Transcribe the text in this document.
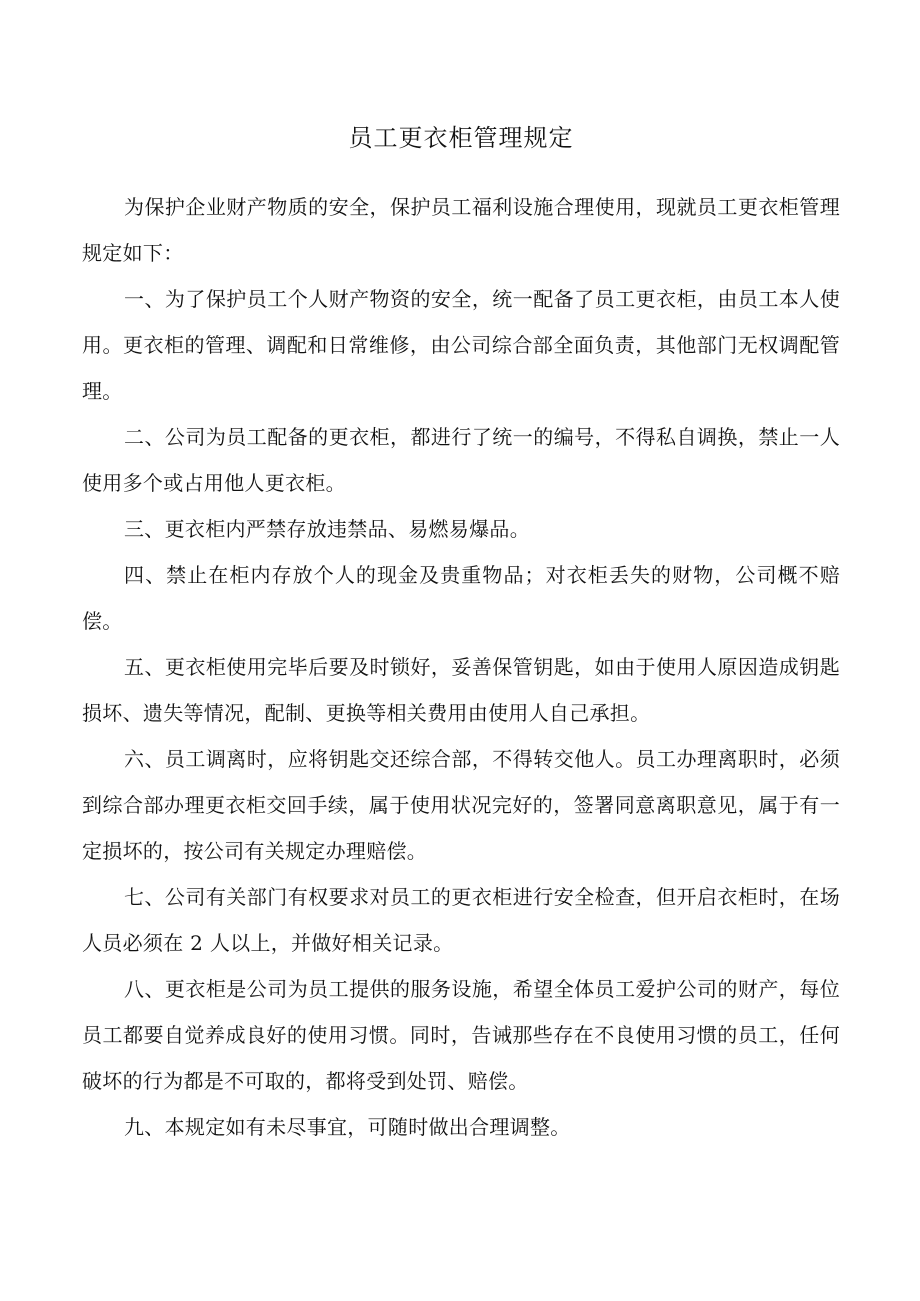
员工更衣柜管理规定

为保护企业财产物质的安全，保护员工福利设施合理使用，现就员工更衣柜管理规定如下：

一、为了保护员工个人财产物资的安全，统一配备了员工更衣柜，由员工本人使用。更衣柜的管理、调配和日常维修，由公司综合部全面负责，其他部门无权调配管理。

二、公司为员工配备的更衣柜，都进行了统一的编号，不得私自调换，禁止一人使用多个或占用他人更衣柜。

三、更衣柜内严禁存放违禁品、易燃易爆品。

四、禁止在柜内存放个人的现金及贵重物品；对衣柜丢失的财物，公司概不赔偿。

五、更衣柜使用完毕后要及时锁好，妥善保管钥匙，如由于使用人原因造成钥匙损坏、遗失等情况，配制、更换等相关费用由使用人自己承担。

六、员工调离时，应将钥匙交还综合部，不得转交他人。员工办理离职时，必须到综合部办理更衣柜交回手续，属于使用状况完好的，签署同意离职意见，属于有一定损坏的，按公司有关规定办理赔偿。

七、公司有关部门有权要求对员工的更衣柜进行安全检查，但开启衣柜时，在场人员必须在 2 人以上，并做好相关记录。

八、更衣柜是公司为员工提供的服务设施，希望全体员工爱护公司的财产，每位员工都要自觉养成良好的使用习惯。同时，告诫那些存在不良使用习惯的员工，任何破坏的行为都是不可取的，都将受到处罚、赔偿。

九、本规定如有未尽事宜，可随时做出合理调整。
